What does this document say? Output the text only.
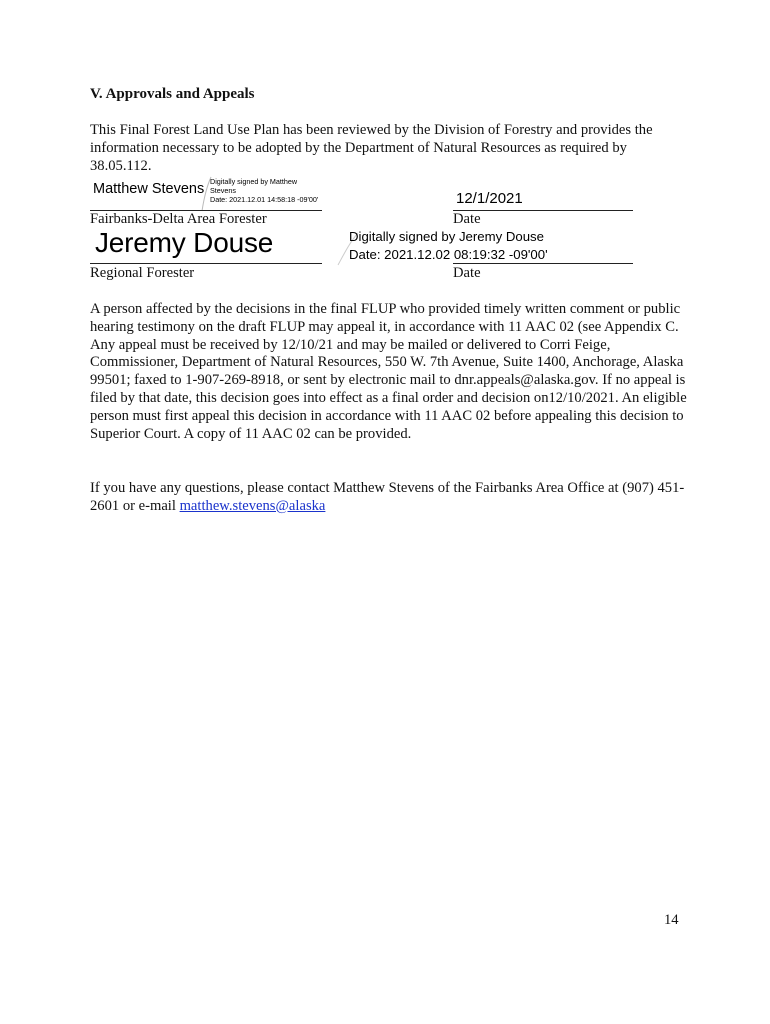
V. Approvals and Appeals
This Final Forest Land Use Plan has been reviewed by the Division of Forestry and provides the information necessary to be adopted by the Department of Natural Resources as required by 38.05.112.
Matthew Stevens Digitally signed by Matthew
Stevens
Date: 2021.12.01 14:58:18 -09'00'	12/1/2021
Fairbanks-Delta Area Forester	Date
Jeremy Douse	Digitally signed by Jeremy Douse
Date: 2021.12.02 08:19:32 -09'00'
Regional Forester	Date
A person affected by the decisions in the final FLUP who provided timely written comment or public hearing testimony on the draft FLUP may appeal it, in accordance with 11 AAC 02 (see Appendix C. Any appeal must be received by 12/10/21 and may be mailed or delivered to Corri Feige, Commissioner, Department of Natural Resources, 550 W. 7th Avenue, Suite 1400, Anchorage, Alaska 99501; faxed to 1-907-269-8918, or sent by electronic mail to dnr.appeals@alaska.gov. If no appeal is filed by that date, this decision goes into effect as a final order and decision on12/10/2021. An eligible person must first appeal this decision in accordance with 11 AAC 02 before appealing this decision to Superior Court. A copy of 11 AAC 02 can be provided.
If you have any questions, please contact Matthew Stevens of the Fairbanks Area Office at (907) 451-2601 or e-mail matthew.stevens@alaska
14
